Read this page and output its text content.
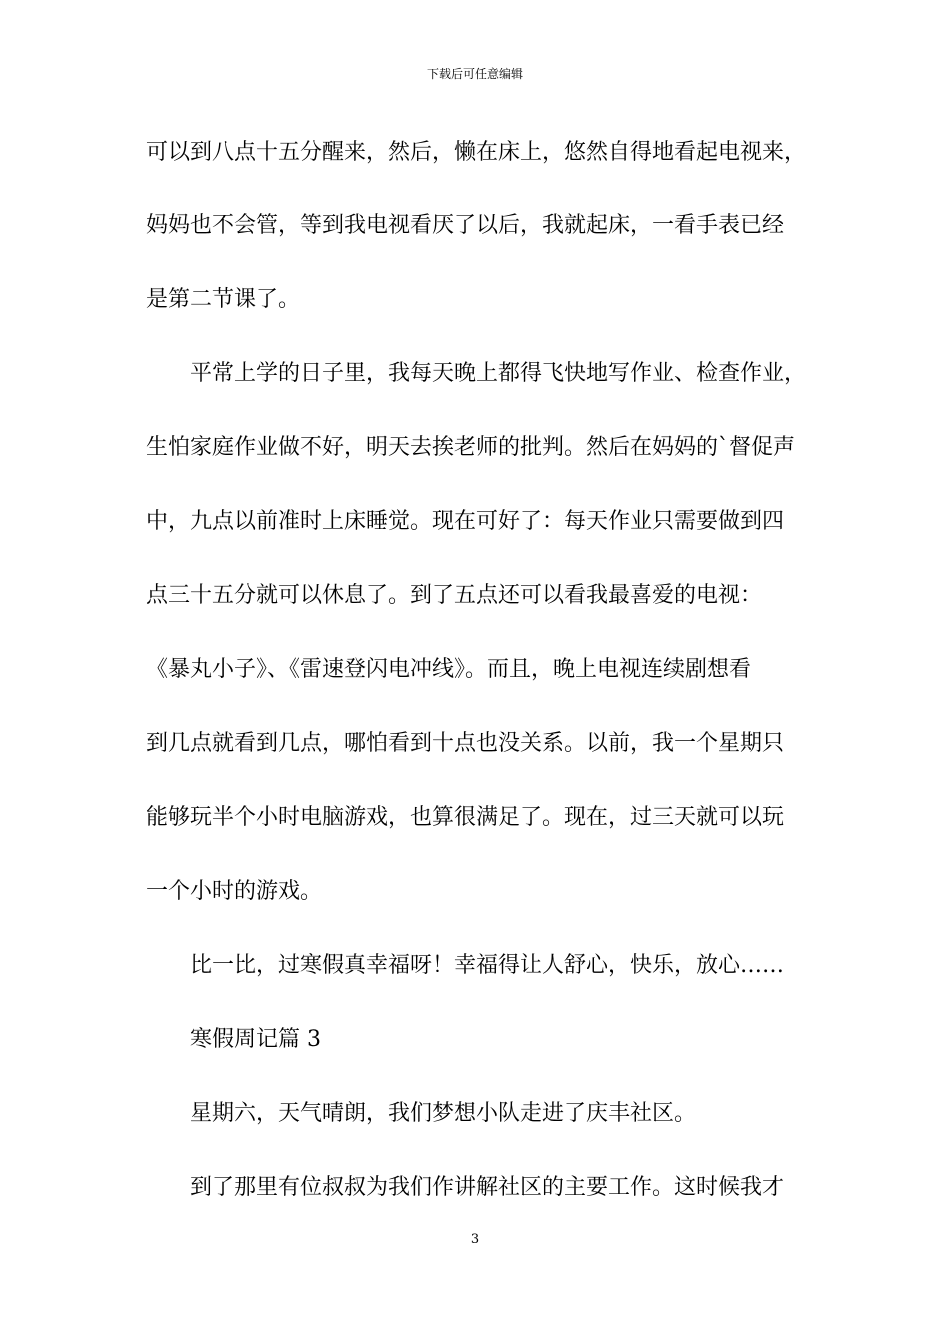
下载后可任意编辑
可以到八点十五分醒来，然后，懒在床上，悠然自得地看起电视来，
妈妈也不会管，等到我电视看厌了以后，我就起床，一看手表已经
是第二节课了。
平常上学的日子里，我每天晚上都得飞快地写作业、检查作业，
生怕家庭作业做不好，明天去挨老师的批判。然后在妈妈的`督促声
中，九点以前准时上床睡觉。现在可好了：每天作业只需要做到四
点三十五分就可以休息了。到了五点还可以看我最喜爱的电视：
《暴丸小子》、《雷速登闪电冲线》。而且，晚上电视连续剧想看
到几点就看到几点，哪怕看到十点也没关系。以前，我一个星期只
能够玩半个小时电脑游戏，也算很满足了。现在，过三天就可以玩
一个小时的游戏。
比一比，过寒假真幸福呀！幸福得让人舒心，快乐，放心……
寒假周记篇 3
星期六，天气晴朗，我们梦想小队走进了庆丰社区。
到了那里有位叔叔为我们作讲解社区的主要工作。这时候我才
3
